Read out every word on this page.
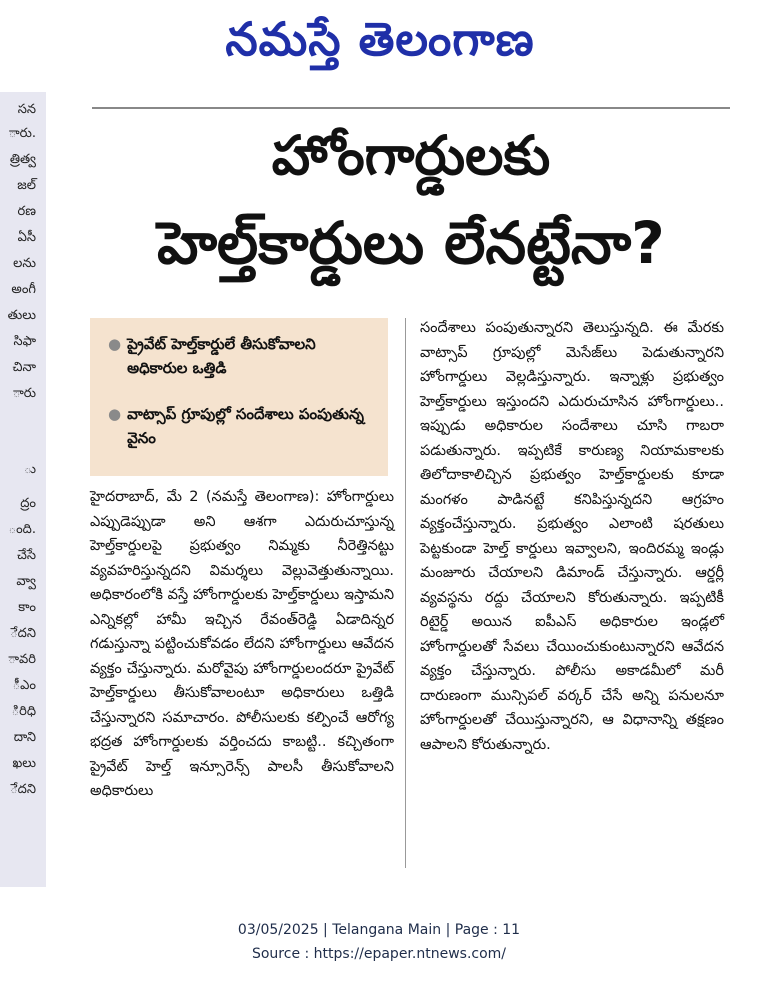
నమస్తే తెలంగాణ
సన
ారు.
త్రిత్వ
జల్
రణ
ఏసీ
లను
అంగీ
తులు
సిఫా
చినా
ారు
ు
ద్రం
ంది.
చేసే
వ్వా
కాం
ేదని
ావరి
ీఎం
ిరిధి
దాని
ఖలు
ేదని
హోంగార్డులకు
హెల్త్‌కార్డులు లేనట్టేనా?
● ప్రైవేట్ హెల్త్‌కార్డులే తీసుకోవాలని అధికారుల ఒత్తిడి
● వాట్సాప్ గ్రూపుల్లో సందేశాలు పంపుతున్న వైనం
హైదరాబాద్, మే 2 (నమస్తే తెలంగాణ): హోంగార్డులు ఎప్పుడెప్పుడా అని ఆశగా ఎదురుచూస్తున్న హెల్త్‌కార్డులపై ప్రభుత్వం నిమ్మకు నీరెత్తినట్టు వ్యవహరిస్తున్నదని విమర్శలు వెల్లువెత్తుతున్నాయి. అధికారంలోకి వస్తే హోంగార్డులకు హెల్త్‌కార్డులు ఇస్తామని ఎన్నికల్లో హామీ ఇచ్చిన రేవంత్‌రెడ్డి ఏడాదిన్నర గడుస్తున్నా పట్టించుకోవడం లేదని హోంగార్డులు ఆవేదన వ్యక్తం చేస్తున్నారు. మరోవైపు హోంగార్డులందరూ ప్రైవేట్ హెల్త్‌కార్డులు తీసుకోవాలంటూ అధికారులు ఒత్తిడి చేస్తున్నారని సమాచారం. పోలీసులకు కల్పించే ఆరోగ్య భద్రత హోంగార్డులకు వర్తించదు కాబట్టి.. కచ్చితంగా ప్రైవేట్ హెల్త్ ఇన్సూరెన్స్ పాలసీ తీసుకోవాలని అధికారులు
సందేశాలు పంపుతున్నారని తెలుస్తున్నది. ఈ మేరకు వాట్సాప్ గ్రూపుల్లో మెసేజ్‌లు పెడుతున్నారని హోంగార్డులు వెల్లడిస్తున్నారు. ఇన్నాళ్లు ప్రభుత్వం హెల్త్‌కార్డులు ఇస్తుందని ఎదురుచూసిన హోంగార్డులు.. ఇప్పుడు అధికారుల సందేశాలు చూసి గాబరా పడుతున్నారు. ఇప్పటికే కారుణ్య నియామకాలకు తిలోదాకాలిచ్చిన ప్రభుత్వం హెల్త్‌కార్డులకు కూడా మంగళం పాడినట్టే కనిపిస్తున్నదని ఆగ్రహం వ్యక్తంచేస్తున్నారు. ప్రభుత్వం ఎలాంటి షరతులు పెట్టకుండా హెల్త్ కార్డులు ఇవ్వాలని, ఇందిరమ్మ ఇండ్లు మంజూరు చేయాలని డిమాండ్ చేస్తున్నారు. ఆర్డర్లీ వ్యవస్థను రద్దు చేయాలని కోరుతున్నారు. ఇప్పటికీ రిటైర్డ్ అయిన ఐపీఎస్ అధికారుల ఇండ్లలో హోంగార్డులతో సేవలు చేయించుకుంటున్నారని ఆవేదన వ్యక్తం చేస్తున్నారు. పోలీసు అకాడమీలో మరీ దారుణంగా మున్సిపల్ వర్కర్ చేసే అన్ని పనులనూ హోంగార్డులతో చేయిస్తున్నారని, ఆ విధానాన్ని తక్షణం ఆపాలని కోరుతున్నారు.
03/05/2025 | Telangana Main | Page : 11
Source : https://epaper.ntnews.com/
